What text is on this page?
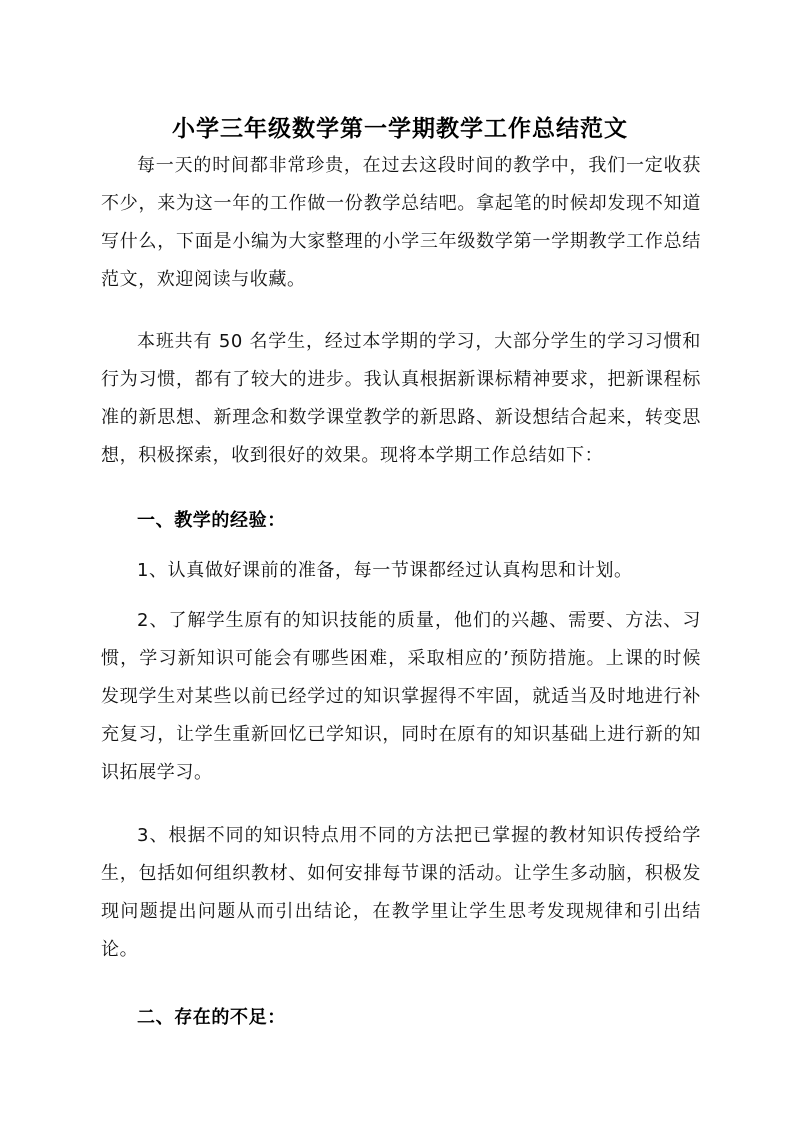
小学三年级数学第一学期教学工作总结范文

每一天的时间都非常珍贵，在过去这段时间的教学中，我们一定收获不少，来为这一年的工作做一份教学总结吧。拿起笔的时候却发现不知道写什么，下面是小编为大家整理的小学三年级数学第一学期教学工作总结范文，欢迎阅读与收藏。

本班共有 50 名学生，经过本学期的学习，大部分学生的学习习惯和行为习惯，都有了较大的进步。我认真根据新课标精神要求，把新课程标准的新思想、新理念和数学课堂教学的新思路、新设想结合起来，转变思想，积极探索，收到很好的效果。现将本学期工作总结如下：

一、教学的经验：

1、认真做好课前的准备，每一节课都经过认真构思和计划。

2、了解学生原有的知识技能的质量，他们的兴趣、需要、方法、习惯，学习新知识可能会有哪些困难，采取相应的’预防措施。上课的时候发现学生对某些以前已经学过的知识掌握得不牢固，就适当及时地进行补充复习，让学生重新回忆已学知识，同时在原有的知识基础上进行新的知识拓展学习。

3、根据不同的知识特点用不同的方法把已掌握的教材知识传授给学生，包括如何组织教材、如何安排每节课的活动。让学生多动脑，积极发现问题提出问题从而引出结论，在教学里让学生思考发现规律和引出结论。

二、存在的不足：
